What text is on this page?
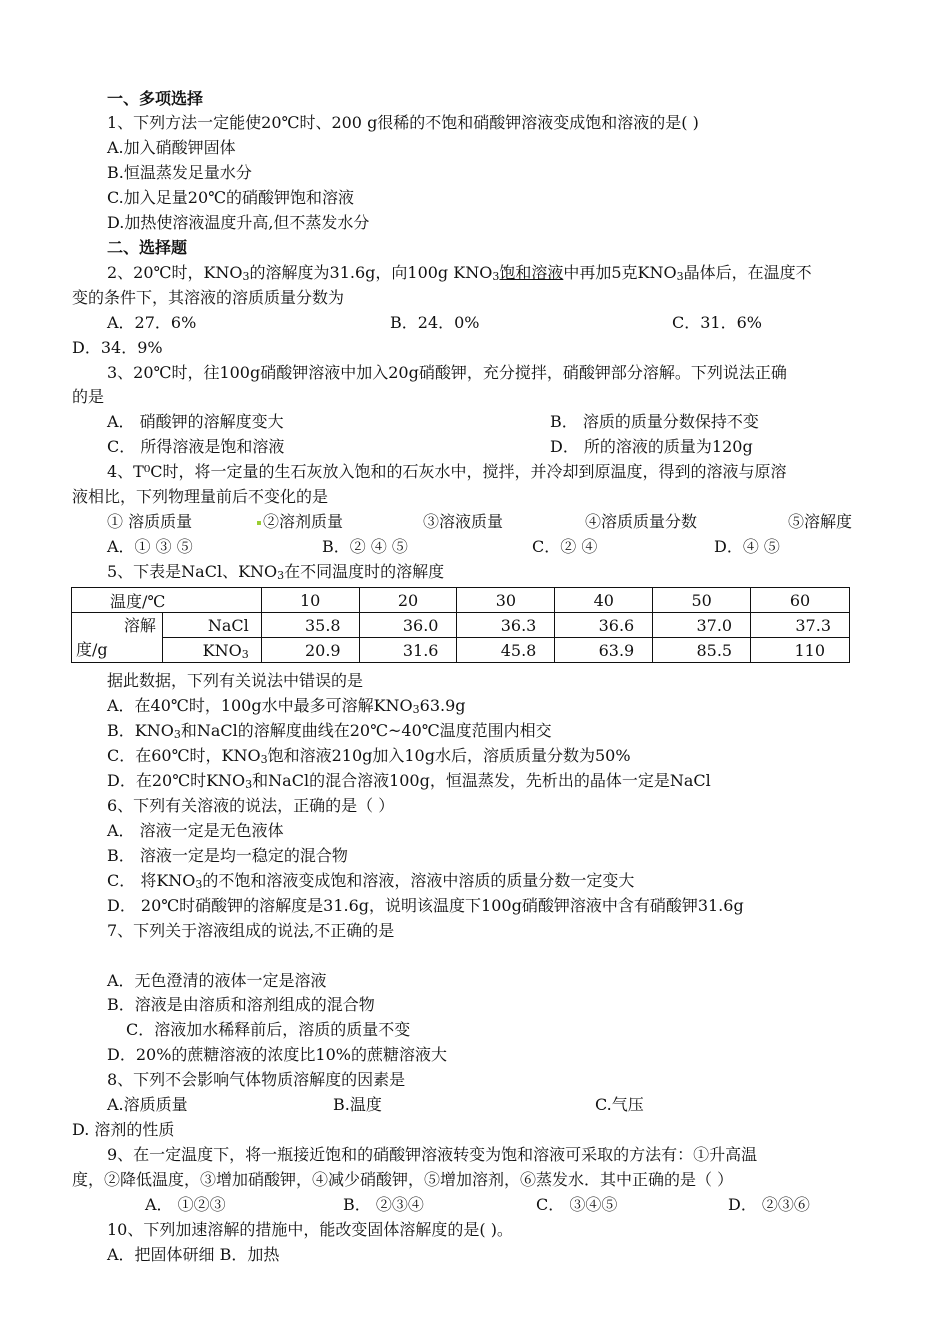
一、多项选择
1、下列方法一定能使20℃时、200 g很稀的不饱和硝酸钾溶液变成饱和溶液的是( )
A.加入硝酸钾固体
B.恒温蒸发足量水分
C.加入足量20℃的硝酸钾饱和溶液
D.加热使溶液温度升高,但不蒸发水分
二、选择题
2、20℃时，$KNO_3$的溶解度为31.6g，向100g $KNO_3$饱和溶液中再加5克$KNO_3$晶体后，在温度不
变的条件下，其溶液的溶质质量分数为
A．27．6%	B．24．0%	C．31．6%
D．34．9%
3、20℃时，往100g硝酸钾溶液中加入20g硝酸钾，充分搅拌，硝酸钾部分溶解。下列说法正确
的是
A． 硝酸钾的溶解度变大	B． 溶质的质量分数保持不变
C． 所得溶液是饱和溶液	D． 所的溶液的质量为120g
4、T⁰C时，将一定量的生石灰放入饱和的石灰水中，搅拌，并冷却到原温度，得到的溶液与原溶
液相比，下列物理量前后不变化的是
① 溶质质量	②溶剂质量	③溶液质量	④溶质质量分数	⑤溶解度
A．① ③ ⑤	B．② ④ ⑤	C．② ④	D．④ ⑤
5、下表是NaCl、$KNO_3$在不同温度时的溶解度
温度/℃		10	20	30	40	50	60

溶解
度/g	NaCl	35.8	36.0	36.3	36.6	37.0	37.3
	$KNO_3$	20.9	31.6	45.8	63.9	85.5	110
据此数据，下列有关说法中错误的是
A．在40℃时，100g水中最多可溶解$KNO_363.9g$
B．$KNO_3$和NaCl的溶解度曲线在20℃~40℃温度范围内相交
C．在60℃时，$KNO_3$饱和溶液210g加入10g水后，溶质质量分数为50%
D．在20℃时$KNO_3$和NaCl的混合溶液100g，恒温蒸发，先析出的晶体一定是NaCl
6、下列有关溶液的说法，正确的是（ ）
A． 溶液一定是无色液体
B． 溶液一定是均一稳定的混合物
C． 将$KNO_3$的不饱和溶液变成饱和溶液，溶液中溶质的质量分数一定变大
D． 20℃时硝酸钾的溶解度是31.6g，说明该温度下100g硝酸钾溶液中含有硝酸钾31.6g
7、下列关于溶液组成的说法,不正确的是
A．无色澄清的液体一定是溶液
B．溶液是由溶质和溶剂组成的混合物
C．溶液加水稀释前后，溶质的质量不变
D．20%的蔗糖溶液的浓度比10%的蔗糖溶液大
8、下列不会影响气体物质溶解度的因素是
A.溶质质量	B.温度	C.气压
D. 溶剂的性质
9、在一定温度下，将一瓶接近饱和的硝酸钾溶液转变为饱和溶液可采取的方法有：①升高温
度，②降低温度，③增加硝酸钾，④减少硝酸钾，⑤增加溶剂，⑥蒸发水．其中正确的是（ ）
A． ①②③	B． ②③④	C． ③④⑤	D． ②③⑥
10、下列加速溶解的措施中，能改变固体溶解度的是( )。
A．把固体研细 B．加热
